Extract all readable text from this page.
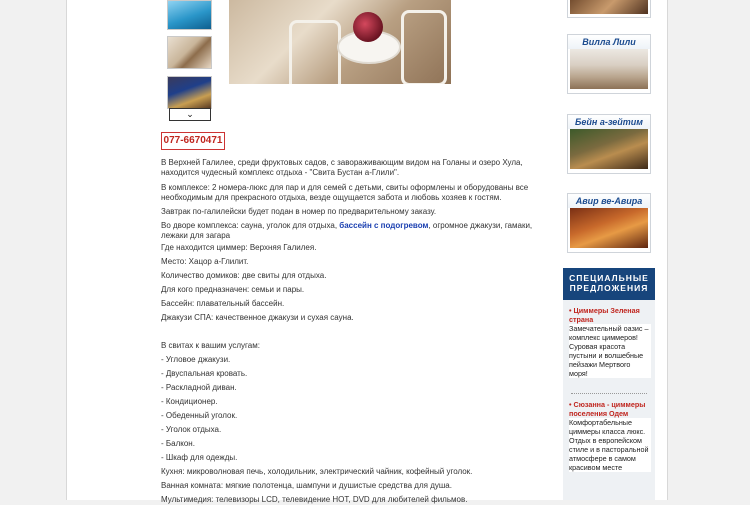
⌄
077-6670471

В Верхней Галилее, среди фруктовых садов, с завораживающим видом на Голаны и озеро Хула, находится чудесный комплекс отдыха - "Свита Бустан а-Глили".

В комплексе: 2 номера-люкс для пар и для семей с детьми, свиты оформлены и оборудованы все необходимым для прекрасного отдыха, везде ощущается забота и любовь хозяев к гостям.

Завтрак по-галилейски будет подан в номер по предварительному заказу.

Во дворе комплекса: сауна, уголок для отдыха, бассейн с подогревом, огромное джакузи, гамаки, лежаки для загара

Где находится циммер: Верхняя Галилея.

Место: Хацор а-Глилит.

Количество домиков: две свиты для отдыха.

Для кого предназначен: семьи и пары.

Бассейн: плавательный бассейн.

Джакузи СПА: качественное джакузи и сухая сауна.

В свитах к вашим услугам:

- Угловое джакузи.

- Двуспальная кровать.

- Раскладной диван.

- Кондиционер.

- Обеденный уголок.

- Уголок отдыха.

- Балкон.

- Шкаф для одежды.

Кухня: микроволновая печь, холодильник, электрический чайник, кофейный уголок.

Ванная комната: мягкие полотенца, шампуни и душистые средства для душа.

Мультимедия: телевизоры LCD, телевидение HOT, DVD для любителей фильмов.

Вилла Лили
Бейн а-зейтим
Авир ве-Авира
СПЕЦИАЛЬНЫЕ
ПРЕДЛОЖЕНИЯ
• Циммеры Зеленая страна
Замечательный оазис – комплекс циммеров! Суровая красота пустыни и волшебные пейзажи Мертвого моря!
• Сюзанна - циммеры поселения Одем
Комфортабельные циммеры класса люкс. Отдых в европейском стиле и в пасторальной атмосфере в самом красивом месте
